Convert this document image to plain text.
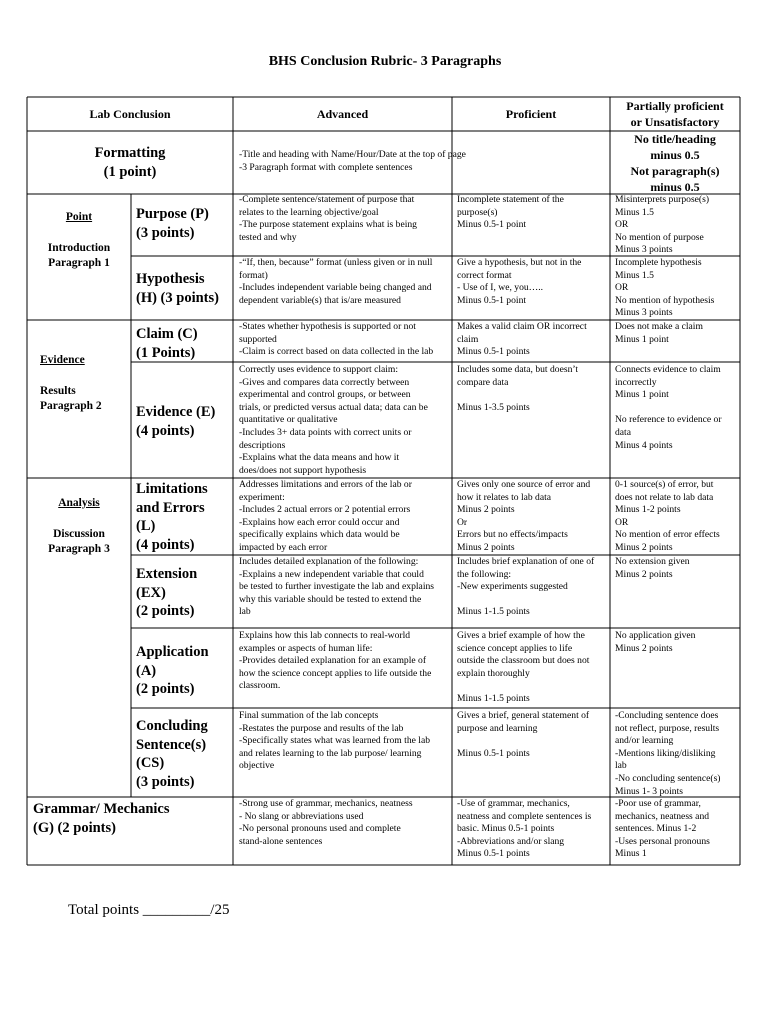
BHS Conclusion Rubric- 3 Paragraphs
Lab Conclusion	Advanced	Proficient
Partially proficient
or Unsatisfactory
Formatting
(1 point)
-Title and heading with Name/Hour/Date at the top of page
-3 Paragraph format with complete sentences
No title/heading
minus 0.5
Not paragraph(s)
minus 0.5

Point

Introduction
Paragraph 1

Evidence

Results
Paragraph 2

Analysis

Discussion
Paragraph 3

Purpose (P)
(3 points)
-Complete sentence/statement of purpose that
relates to the learning objective/goal
-The purpose statement explains what is being
tested and why
Incomplete statement of the
purpose(s)
Minus 0.5-1 point
Misinterprets purpose(s)
Minus 1.5
OR
No mention of purpose
Minus 3 points
Hypothesis
(H) (3 points)
-“If, then, because” format (unless given or in null
format)
-Includes independent variable being changed and
dependent variable(s) that is/are measured
Give a hypothesis, but not in the
correct format
- Use of I, we, you…..
Minus 0.5-1 point
Incomplete hypothesis
Minus 1.5
OR
No mention of hypothesis
Minus 3 points
Claim (C)
(1 Points)
-States whether hypothesis is supported or not
supported
-Claim is correct based on data collected in the lab
Makes a valid claim OR incorrect
claim
Minus 0.5-1 points
Does not make a claim
Minus 1 point
Evidence (E)
(4 points)
Correctly uses evidence to support claim:
-Gives and compares data correctly between
experimental and control groups, or between
trials, or predicted versus actual data; data can be
quantitative or qualitative
-Includes 3+ data points with correct units or
descriptions
-Explains what the data means and how it
does/does not support hypothesis
Includes some data, but doesn’t
compare data

Minus 1-3.5 points
Connects evidence to claim
incorrectly
Minus 1 point

No reference to evidence or
data
Minus 4 points
Limitations
and Errors
(L)
(4 points)
Addresses limitations and errors of the lab or
experiment:
-Includes 2 actual errors or 2 potential errors
-Explains how each error could occur and
specifically explains which data would be
impacted by each error
Gives only one source of error and
how it relates to lab data
Minus 2 points
Or
Errors but no effects/impacts
Minus 2 points
0-1 source(s) of error, but
does not relate to lab data
Minus 1-2 points
OR
No mention of error effects
Minus 2 points
Extension
(EX)
(2 points)
Includes detailed explanation of the following:
-Explains a new independent variable that could
be tested to further investigate the lab and explains
why this variable should be tested to extend the
lab
Includes brief explanation of one of
the following:
-New experiments suggested

Minus 1-1.5 points
No extension given
Minus 2 points
Application
(A)
(2 points)
Explains how this lab connects to real-world
examples or aspects of human life:
-Provides detailed explanation for an example of
how the science concept applies to life outside the
classroom.
Gives a brief example of how the
science concept applies to life
outside the classroom but does not
explain thoroughly

Minus 1-1.5 points
No application given
Minus 2 points
Concluding
Sentence(s)
(CS)
(3 points)
Final summation of the lab concepts
-Restates the purpose and results of the lab
-Specifically states what was learned from the lab
and relates learning to the lab purpose/ learning
objective
Gives a brief, general statement of
purpose and learning

Minus 0.5-1 points
-Concluding sentence does
not reflect, purpose, results
and/or learning
-Mentions liking/disliking
lab
-No concluding sentence(s)
Minus 1- 3 points
Grammar/ Mechanics
(G) (2 points)
-Strong use of grammar, mechanics, neatness
- No slang or abbreviations used
-No personal pronouns used and complete
stand-alone sentences
-Use of grammar, mechanics,
neatness and complete sentences is
basic. Minus 0.5-1 points
-Abbreviations and/or slang
Minus 0.5-1 points
-Poor use of grammar,
mechanics, neatness and
sentences. Minus 1-2
-Uses personal pronouns
Minus 1
Total points _________/25
